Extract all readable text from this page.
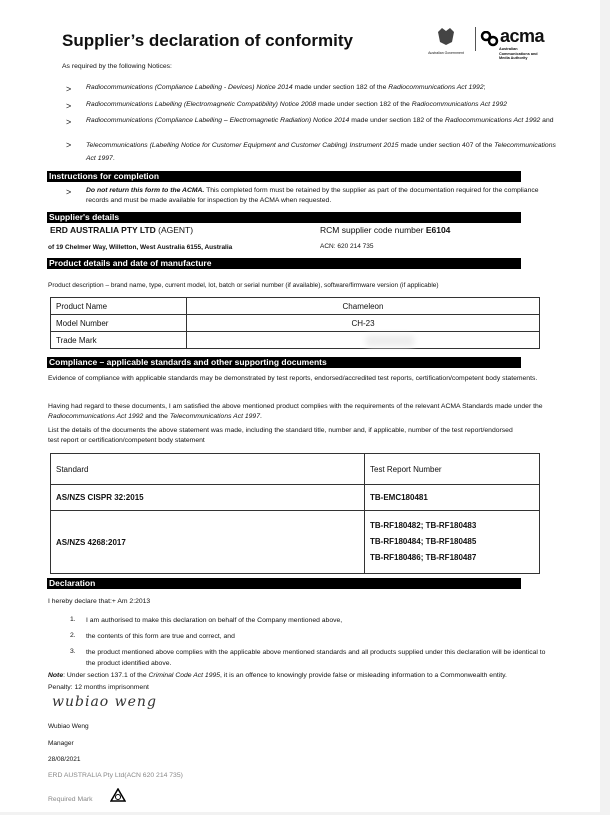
Supplier’s declaration of conformity
Australian Government
acma
Australian Communications and Media Authority
As required by the following Notices:
> Radiocommunications (Compliance Labelling - Devices) Notice 2014 made under section 182 of the Radiocommunications Act 1992;
> Radiocommunications Labelling (Electromagnetic Compatibility) Notice 2008 made under section 182 of the Radiocommunications Act 1992
> Radiocommunications (Compliance Labelling – Electromagnetic Radiation) Notice 2014 made under section 182 of the Radiocommunications Act 1992 and
> Telecommunications (Labelling Notice for Customer Equipment and Customer Cabling) Instrument 2015 made under section 407 of the Telecommunications Act 1997.
Instructions for completion
> Do not return this form to the ACMA. This completed form must be retained by the supplier as part of the documentation required for the compliance records and must be made available for inspection by the ACMA when requested.
Supplier's details
ERD AUSTRALIA PTY LTD (AGENT)
of 19 Chelmer Way, Willetton, West Australia 6155, Australia
RCM supplier code number E6104
ACN: 620 214 735
Product details and date of manufacture
Product description – brand name, type, current model, lot, batch or serial number (if available), software/firmware version (if applicable)
Product Name	Chameleon
Model Number	CH-23
Trade Mark	
Compliance – applicable standards and other supporting documents
Evidence of compliance with applicable standards may be demonstrated by test reports, endorsed/accredited test reports, certification/competent body statements.
Having had regard to these documents, I am satisfied the above mentioned product complies with the requirements of the relevant ACMA Standards made under the Radiocommunications Act 1992 and the Telecommunications Act 1997.
List the details of the documents the above statement was made, including the standard title, number and, if applicable, number of the test report/endorsed test report or certification/competent body statement
Standard	Test Report Number
AS/NZS CISPR 32:2015	TB-EMC180481

AS/NZS 4268:2017	TB-RF180482; TB-RF180483
TB-RF180484; TB-RF180485
TB-RF180486; TB-RF180487
Declaration
I hereby declare that:+ Am 2:2013
1. I am authorised to make this declaration on behalf of the Company mentioned above,
2. the contents of this form are true and correct, and
3. the product mentioned above complies with the applicable above mentioned standards and all products supplied under this declaration will be identical to the product identified above.
Note: Under section 137.1 of the Criminal Code Act 1995, it is an offence to knowingly provide false or misleading information to a Commonwealth entity.
Penalty: 12 months imprisonment
wubiao weng
Wubiao Weng
Manager
28/08/2021
ERD AUSTRALIA Pty Ltd(ACN 620 214 735)
Required Mark
